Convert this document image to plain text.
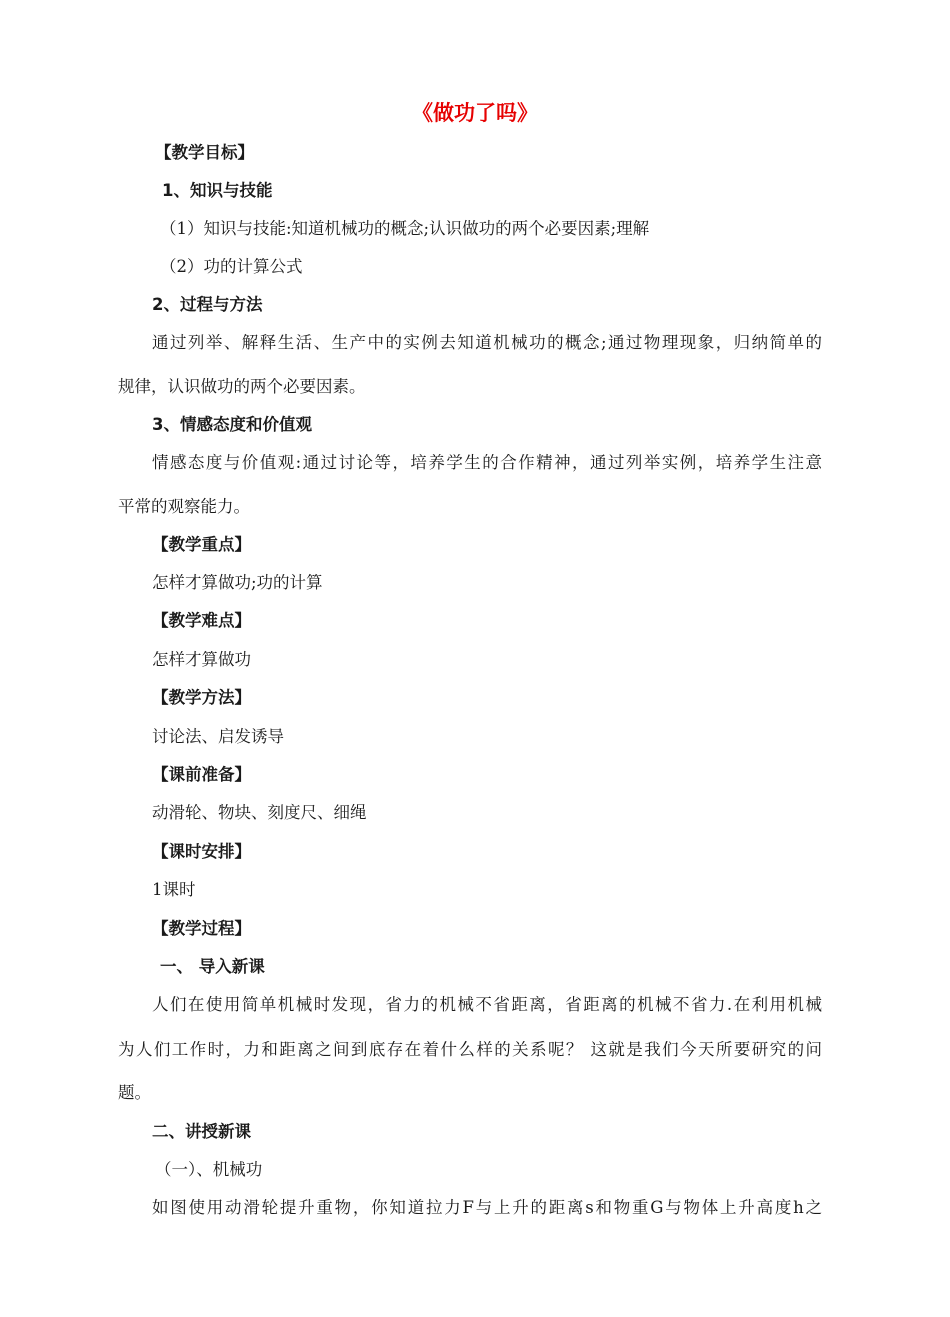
《做功了吗》
【教学目标】
1、知识与技能
（1）知识与技能:知道机械功的概念;认识做功的两个必要因素;理解
（2）功的计算公式
2、过程与方法
通过列举、解释生活、生产中的实例去知道机械功的概念;通过物理现象，归纳简单的
规律，认识做功的两个必要因素。
3、情感态度和价值观
情感态度与价值观:通过讨论等，培养学生的合作精神，通过列举实例，培养学生注意
平常的观察能力。
【教学重点】
怎样才算做功;功的计算
【教学难点】
怎样才算做功
【教学方法】
讨论法、启发诱导
【课前准备】
动滑轮、物块、刻度尺、细绳
【课时安排】
1课时
【教学过程】
一、 导入新课
人们在使用简单机械时发现，省力的机械不省距离，省距离的机械不省力.在利用机械
为人们工作时，力和距离之间到底存在着什么样的关系呢？ 这就是我们今天所要研究的问
题。
二、讲授新课
（一）、机械功
如图使用动滑轮提升重物，你知道拉力F与上升的距离s和物重G与物体上升高度h之
